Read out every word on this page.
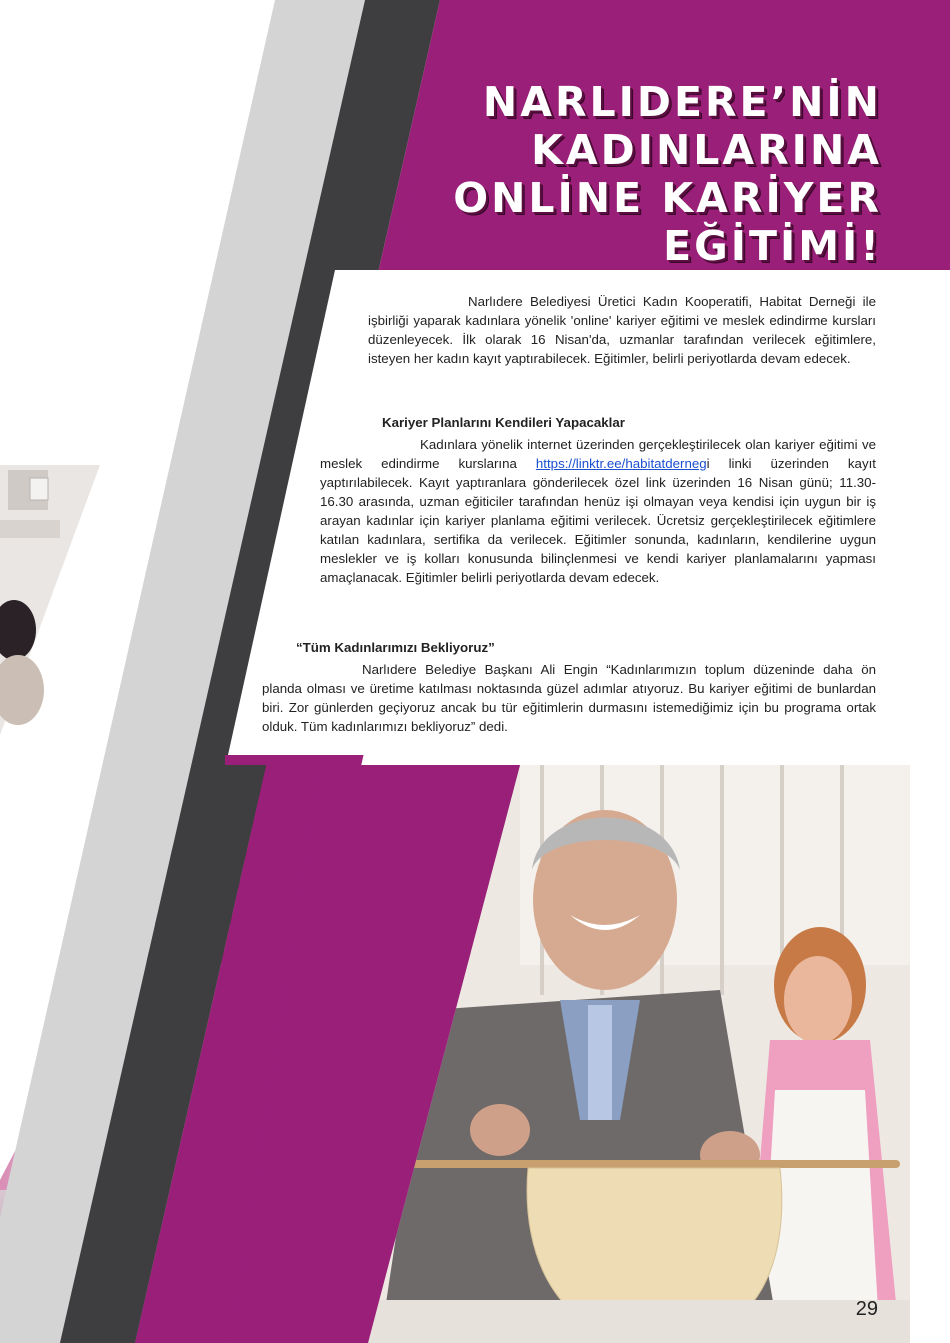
NARLIDERE’NİN
KADINLARINA
ONLİNE KARİYER
EĞİTİMİ!

Narlıdere Belediyesi Üretici Kadın Kooperatifi, Habitat Derneği ile işbirliği yaparak kadınlara yönelik 'online' kariyer eğitimi ve meslek edindirme kursları düzenleyecek. İlk olarak 16 Nisan'da, uzmanlar tarafından verilecek eğitimlere, isteyen her kadın kayıt yaptırabilecek. Eğitimler, belirli periyotlarda devam edecek.

Kariyer Planlarını Kendileri Yapacaklar

Kadınlara yönelik internet üzerinden gerçekleştirilecek olan kariyer eğitimi ve meslek edindirme kurslarına https://linktr.ee/habitatdernegi linki üzerinden kayıt yaptırılabilecek. Kayıt yaptıranlara gönderilecek özel link üzerinden 16 Nisan günü; 11.30- 16.30 arasında, uzman eğiticiler tarafından henüz işi olmayan veya kendisi için uygun bir iş arayan kadınlar için kariyer planlama eğitimi verilecek. Ücretsiz gerçekleştirilecek eğitimlere katılan kadınlara, sertifika da verilecek. Eğitimler sonunda, kadınların, kendilerine uygun meslekler ve iş kolları konusunda bilinçlenmesi ve kendi kariyer planlamalarını yapması amaçlanacak. Eğitimler belirli periyotlarda devam edecek.

“Tüm Kadınlarımızı Bekliyoruz”

Narlıdere Belediye Başkanı Ali Engin “Kadınlarımızın toplum düzeninde daha ön planda olması ve üretime katılması noktasında güzel adımlar atıyoruz. Bu kariyer eğitimi de bunlardan biri. Zor günlerden geçiyoruz ancak bu tür eğitimlerin durmasını istemediğimiz için bu programa ortak olduk. Tüm kadınlarımızı bekliyoruz” dedi.

29
